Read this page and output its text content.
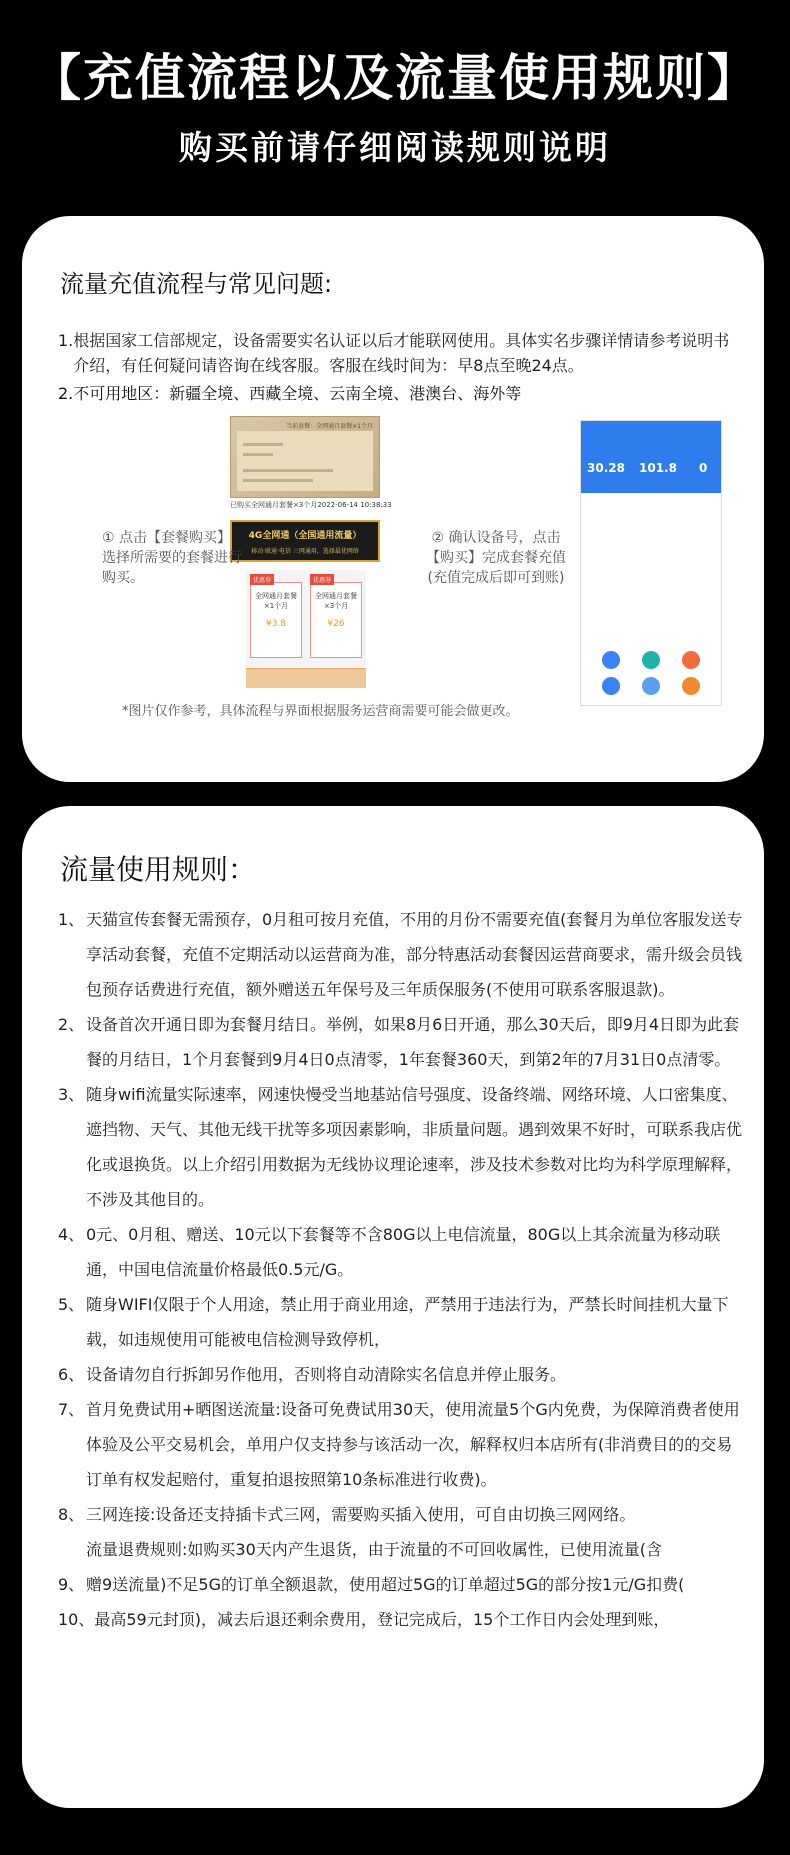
【充值流程以及流量使用规则】
购买前请仔细阅读规则说明
流量充值流程与常见问题:
1. 根据国家工信部规定，设备需要实名认证以后才能联网使用。具体实名步骤详情请参考说明书介绍，有任何疑问请咨询在线客服。客服在线时间为：早8点至晚24点。
2.不可用地区：新疆全境、西藏全境、云南全境、港澳台、海外等
当前套餐：全网通月套餐×1个月
已购买全网通月套餐×3个月2022-06-14 10:38:33
4G全网通（全国通用流量）
移动·联通·电信 三网通用，选择最优网络
优惠券
全网通月套餐×1个月
¥3.8
优惠券
全网通月套餐×3个月
¥26
30.28 101.8 0
① 点击【套餐购买】选择所需要的套餐进行购买。
② 确认设备号，点击【购买】完成套餐充值(充值完成后即可到账)
*图片仅作参考，具体流程与界面根据服务运营商需要可能会做更改。
流量使用规则：
1、 天猫宣传套餐无需预存，0月租可按月充值，不用的月份不需要充值(套餐月为单位客服发送专享活动套餐，充值不定期活动以运营商为准，部分特惠活动套餐因运营商要求，需升级会员钱包预存话费进行充值，额外赠送五年保号及三年质保服务(不使用可联系客服退款)。
2、 设备首次开通日即为套餐月结日。举例，如果8月6日开通，那么30天后，即9月4日即为此套餐的月结日，1个月套餐到9月4日0点清零，1年套餐360天，到第2年的7月31日0点清零。
3、 随身wifi流量实际速率，网速快慢受当地基站信号强度、设备终端、网络环境、人口密集度、遮挡物、天气、其他无线干扰等多项因素影响，非质量问题。遇到效果不好时，可联系我店优化或退换货。以上介绍引用数据为无线协议理论速率，涉及技术参数对比均为科学原理解释，不涉及其他目的。
4、 0元、0月租、赠送、10元以下套餐等不含80G以上电信流量，80G以上其余流量为移动联通，中国电信流量价格最低0.5元/G。
5、 随身WIFI仅限于个人用途，禁止用于商业用途，严禁用于违法行为，严禁长时间挂机大量下载，如违规使用可能被电信检测导致停机，
6、 设备请勿自行拆卸另作他用，否则将自动清除实名信息并停止服务。
7、 首月免费试用+晒图送流量:设备可免费试用30天，使用流量5个G内免费，为保障消费者使用体验及公平交易机会，单用户仅支持参与该活动一次，解释权归本店所有(非消费目的的交易订单有权发起赔付，重复拍退按照第10条标准进行收费)。
8、 三网连接:设备还支持插卡式三网，需要购买插入使用，可自由切换三网网络。
流量退费规则:如购买30天内产生退货，由于流量的不可回收属性，已使用流量(含
9、 赠9送流量)不足5G的订单全额退款，使用超过5G的订单超过5G的部分按1元/G扣费(
10、 最高59元封顶)，减去后退还剩余费用，登记完成后，15个工作日内会处理到账，
